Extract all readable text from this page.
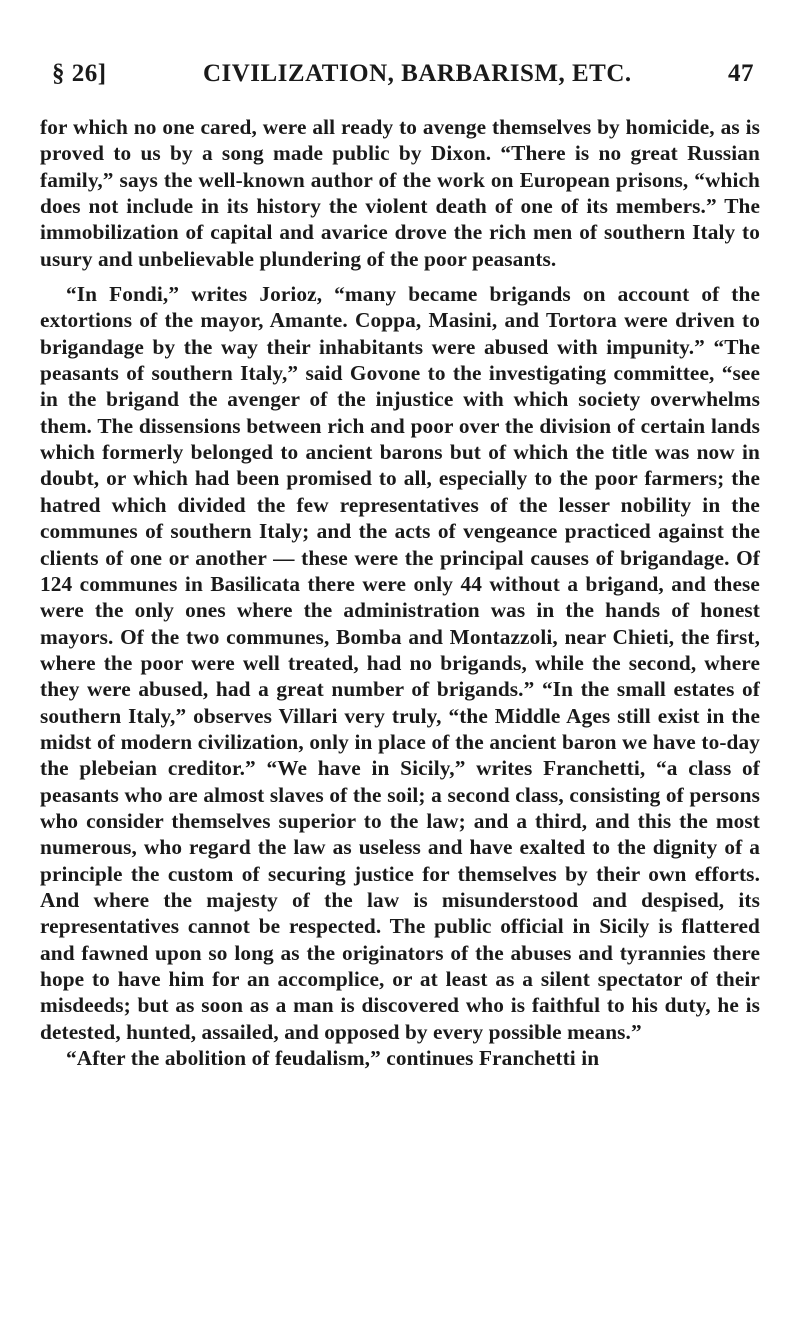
§ 26]	CIVILIZATION, BARBARISM, ETC.	47

for which no one cared, were all ready to avenge themselves by homicide, as is proved to us by a song made public by Dixon. “There is no great Russian family,” says the well-known author of the work on European prisons, “which does not include in its history the violent death of one of its members.” The immobilization of capital and avarice drove the rich men of southern Italy to usury and unbelievable plundering of the poor peasants.

“In Fondi,” writes Jorioz, “many became brigands on account of the extortions of the mayor, Amante. Coppa, Masini, and Tortora were driven to brigandage by the way their inhabitants were abused with impunity.” “The peasants of southern Italy,” said Govone to the investigating committee, “see in the brigand the avenger of the injustice with which society overwhelms them. The dissensions between rich and poor over the division of certain lands which formerly belonged to ancient barons but of which the title was now in doubt, or which had been promised to all, especially to the poor farmers; the hatred which divided the few representatives of the lesser nobility in the communes of southern Italy; and the acts of vengeance practiced against the clients of one or another — these were the principal causes of brigandage. Of 124 communes in Basilicata there were only 44 without a brigand, and these were the only ones where the administration was in the hands of honest mayors. Of the two communes, Bomba and Montazzoli, near Chieti, the first, where the poor were well treated, had no brigands, while the second, where they were abused, had a great number of brigands.” “In the small estates of southern Italy,” observes Villari very truly, “the Middle Ages still exist in the midst of modern civilization, only in place of the ancient baron we have to-day the plebeian creditor.” “We have in Sicily,” writes Franchetti, “a class of peasants who are almost slaves of the soil; a second class, consisting of persons who consider themselves superior to the law; and a third, and this the most numerous, who regard the law as useless and have exalted to the dignity of a principle the custom of securing justice for themselves by their own efforts. And where the majesty of the law is misunderstood and despised, its representatives cannot be respected. The public official in Sicily is flattered and fawned upon so long as the originators of the abuses and tyrannies there hope to have him for an accomplice, or at least as a silent spectator of their misdeeds; but as soon as a man is discovered who is faithful to his duty, he is detested, hunted, assailed, and opposed by every possible means.”

“After the abolition of feudalism,” continues Franchetti in
